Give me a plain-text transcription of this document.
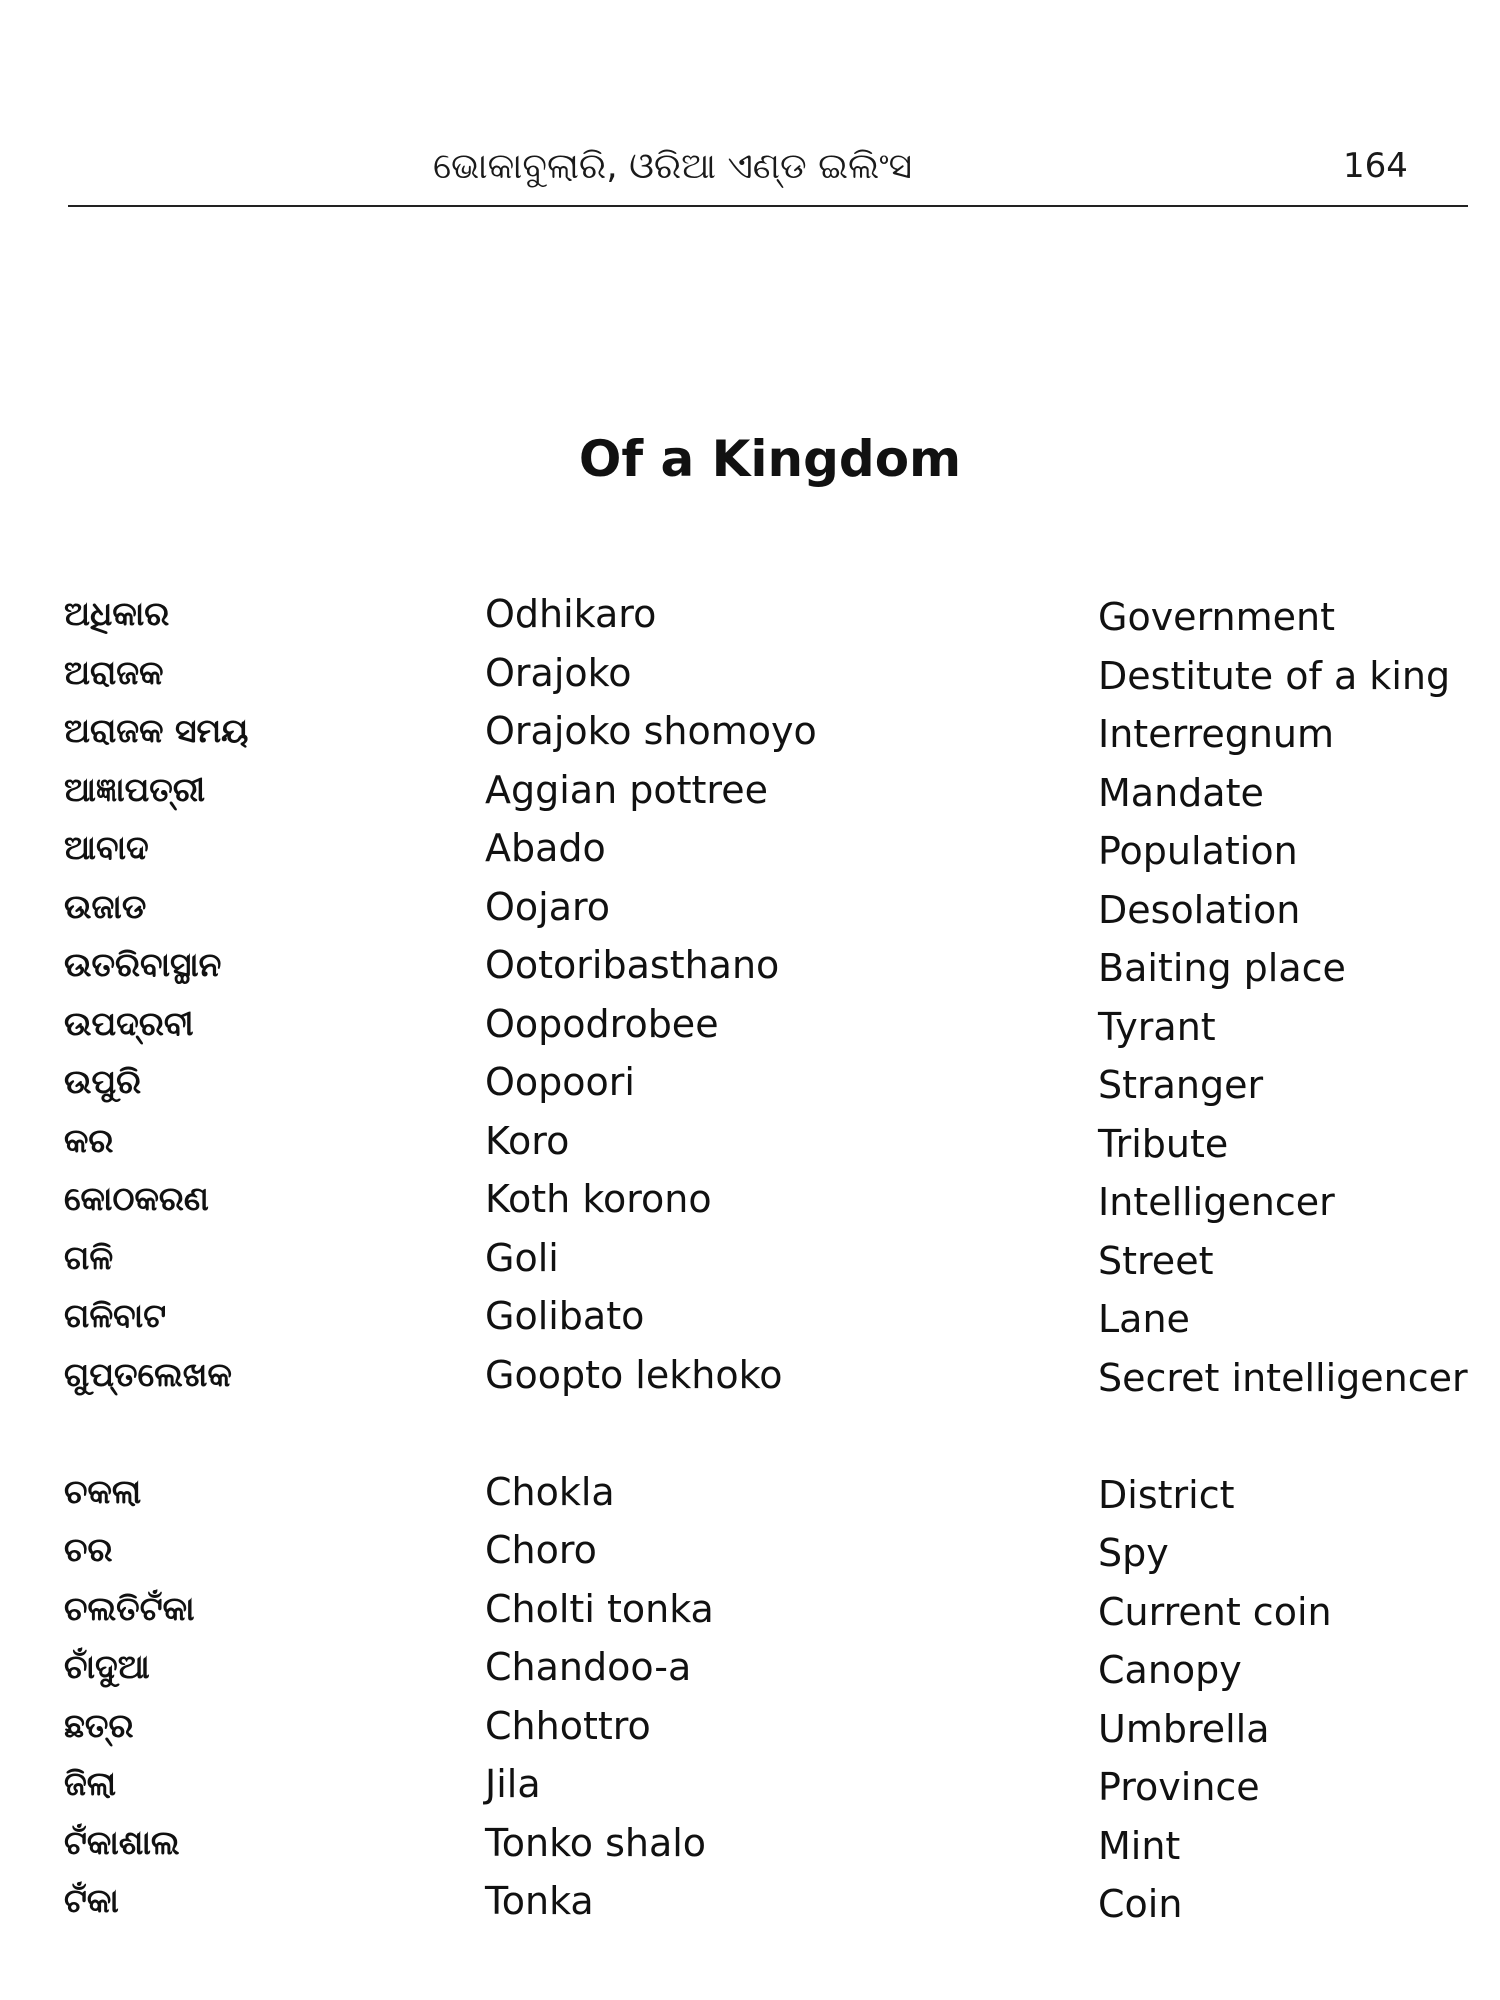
ଭୋକାବୁଲାରି, ଓରିଆ ଏଣ୍ଡ ଇଲିଂସ	164
Of a Kingdom
ଅଧିକାର	Odhikaro	Government
ଅରାଜକ	Orajoko	Destitute of a king
ଅରାଜକ ସମୟ	Orajoko shomoyo	Interregnum
ଆଜ୍ଞାପତ୍ରୀ	Aggian pottree	Mandate
ଆବାଦ	Abado	Population
ଉଜାଡ	Oojaro	Desolation
ଉତରିବାସ୍ଥାନ	Ootoribasthano	Baiting place
ଉପଦ୍ରବୀ	Oopodrobee	Tyrant
ଉପୁରି	Oopoori	Stranger
କର	Koro	Tribute
କୋଠକରଣ	Koth korono	Intelligencer
ଗଳି	Goli	Street
ଗଳିବାଟ	Golibato	Lane
ଗୁପ୍ତଲେଖକ	Goopto lekhoko	Secret intelligencer
ଚକଲା	Chokla	District
ଚର	Choro	Spy
ଚଲତିଟଁକା	Cholti tonka	Current coin
ଚାଁଦୁଆ	Chandoo-a	Canopy
ଛତ୍ର	Chhottro	Umbrella
ଜିଲା	Jila	Province
ଟଁକାଶାଲ	Tonko shalo	Mint
ଟଁକା	Tonka	Coin
